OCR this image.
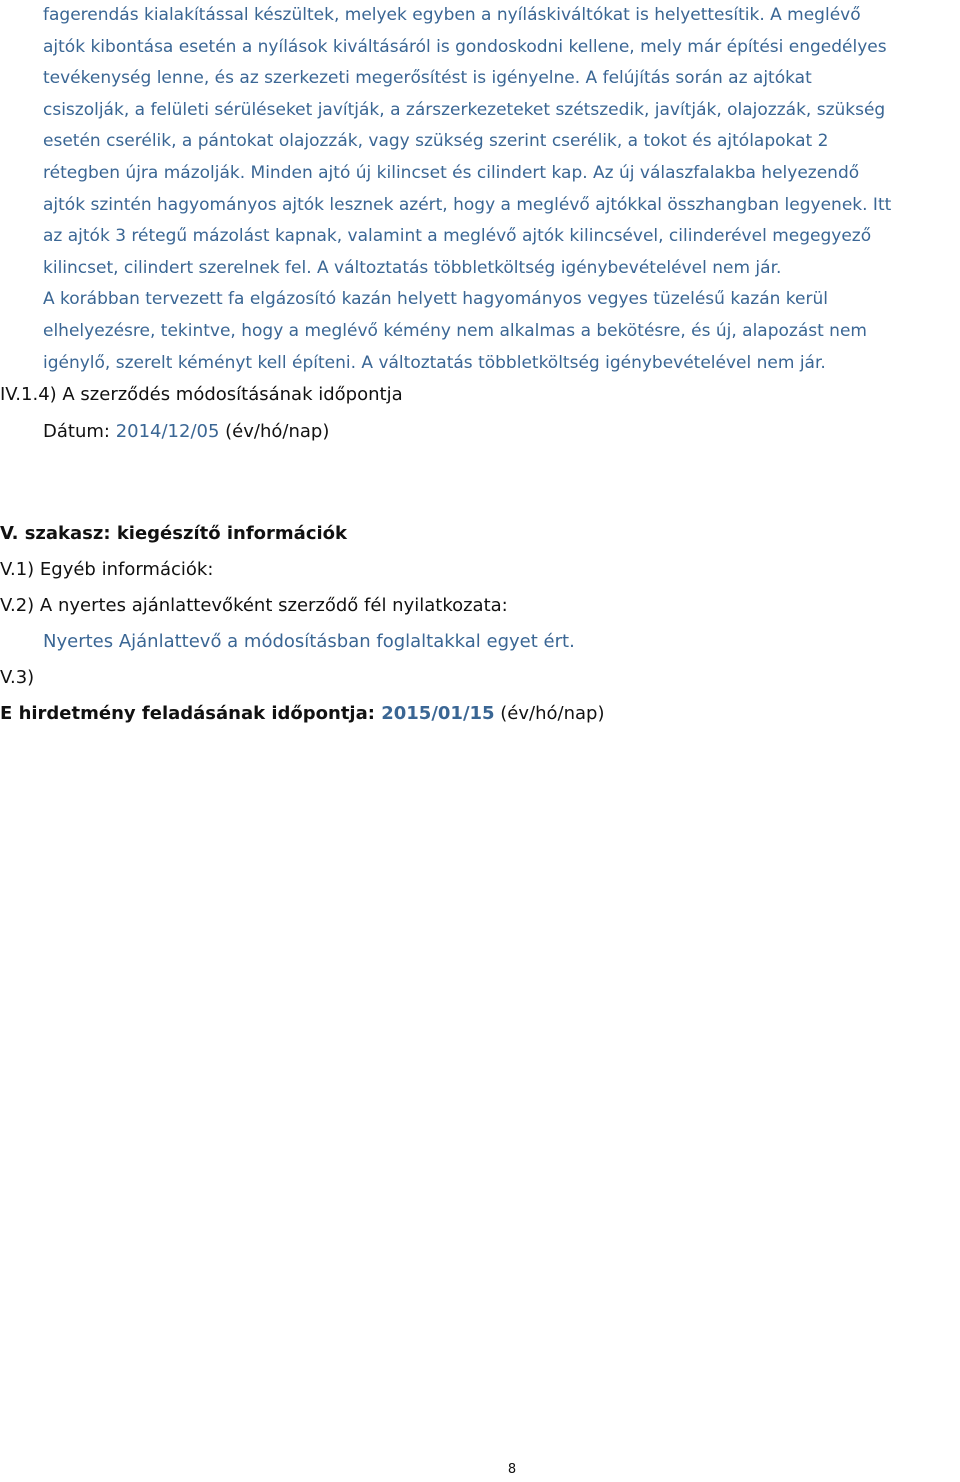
fagerendás kialakítással készültek, melyek egyben a nyíláskiváltókat is helyettesítik. A meglévő
ajtók kibontása esetén a nyílások kiváltásáról is gondoskodni kellene, mely már építési engedélyes
tevékenység lenne, és az szerkezeti megerősítést is igényelne. A felújítás során az ajtókat
csiszolják, a felületi sérüléseket javítják, a zárszerkezeteket szétszedik, javítják, olajozzák, szükség
esetén cserélik, a pántokat olajozzák, vagy szükség szerint cserélik, a tokot és ajtólapokat 2
rétegben újra mázolják. Minden ajtó új kilincset és cilindert kap. Az új válaszfalakba helyezendő
ajtók szintén hagyományos ajtók lesznek azért, hogy a meglévő ajtókkal összhangban legyenek. Itt
az ajtók 3 rétegű mázolást kapnak, valamint a meglévő ajtók kilincsével, cilinderével megegyező
kilincset, cilindert szerelnek fel. A változtatás többletköltség igénybevételével nem jár.
A korábban tervezett fa elgázosító kazán helyett hagyományos vegyes tüzelésű kazán kerül
elhelyezésre, tekintve, hogy a meglévő kémény nem alkalmas a bekötésre, és új, alapozást nem
igénylő, szerelt kéményt kell építeni. A változtatás többletköltség igénybevételével nem jár.

IV.1.4) A szerződés módosításának időpontja

Dátum: 2014/12/05 (év/hó/nap)

V. szakasz: kiegészítő információk

V.1) Egyéb információk:

V.2) A nyertes ajánlattevőként szerződő fél nyilatkozata:

Nyertes Ajánlattevő a módosításban foglaltakkal egyet ért.

V.3)

E hirdetmény feladásának időpontja: 2015/01/15 (év/hó/nap)

8
